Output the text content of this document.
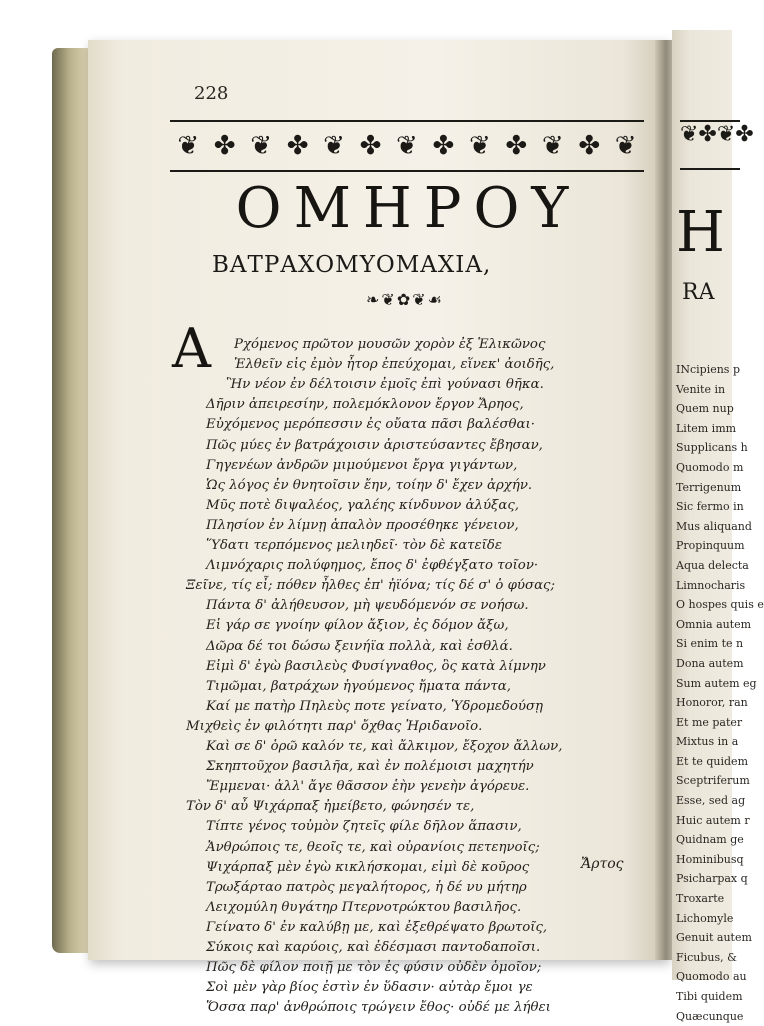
❦✤❦✤
H
RA
INcipiens p
Venite in
Quem nup
Litem imm
Supplicans h
Quomodo m
Terrigenum
Sic fermo in
Mus aliquand
Propinquum
Aqua delecta
Limnocharis
O hospes quis e
Omnia autem
Si enim te n
Dona autem
Sum autem eg
Honoror, ran
Et me pater
Mixtus in a
Et te quidem
Sceptriferum
Esse, sed ag
Huic autem r
Quidnam ge
Hominibusq
Psicharpax q
Troxarte
Lichomyle
Genuit autem
Ficubus, &
Quomodo au
Tibi quidem
Quæcunque
228
❦ ✤ ❦ ✤ ❦ ✤ ❦ ✤ ❦ ✤ ❦ ✤ ❦
ΟΜΗΡΟΥ
ΒΑΤΡΑΧΟΜΥΟΜΑΧΙΑ,
❧❦✿❦☙
Α Ρχόμενος πρῶτον μουσῶν χορὸν ἐξ Ἑλικῶνος
Ἐλθεῖν εἰς ἐμὸν ἦτορ ἐπεύχομαι, εἵνεκ' ἀοιδῆς,
Ἣν νέον ἐν δέλτοισιν ἐμοῖς ἐπὶ γούνασι θῆκα.
Δῆριν ἀπειρεσίην, πολεμόκλονον ἔργον Ἄρηος,
Εὐχόμενος μερόπεσσιν ἐς οὔατα πᾶσι βαλέσθαι·
Πῶς μύες ἐν βατράχοισιν ἀριστεύσαντες ἔβησαν,
Γηγενέων ἀνδρῶν μιμούμενοι ἔργα γιγάντων,
Ὡς λόγος ἐν θνητοῖσιν ἔην, τοίην δ' ἔχεν ἀρχήν.
Μῦς ποτὲ διψαλέος, γαλέης κίνδυνον ἀλύξας,
Πλησίον ἐν λίμνῃ ἁπαλὸν προσέθηκε γένειον,
Ὕδατι τερπόμενος μελιηδεῖ· τὸν δὲ κατεῖδε
Λιμνόχαρις πολύφημος, ἔπος δ' ἐφθέγξατο τοῖον·
Ξεῖνε, τίς εἶ; πόθεν ἦλθες ἐπ' ἠϊόνα; τίς δέ σ' ὁ φύσας;
Πάντα δ' ἀλήθευσον, μὴ ψευδόμενόν σε νοήσω.
Εἰ γάρ σε γνοίην φίλον ἄξιον, ἐς δόμον ἄξω,
Δῶρα δέ τοι δώσω ξεινήϊα πολλὰ, καὶ ἐσθλά.
Εἰμὶ δ' ἐγὼ βασιλεὺς Φυσίγναθος, ὃς κατὰ λίμνην
Τιμῶμαι, βατράχων ἡγούμενος ἤματα πάντα,
Καί με πατὴρ Πηλεὺς ποτε γείνατο, Ὑδρομεδούσῃ
Μιχθεὶς ἐν φιλότητι παρ' ὄχθας Ἠριδανοῖο.
Καὶ σε δ' ὁρῶ καλόν τε, καὶ ἄλκιμον, ἔξοχον ἄλλων,
Σκηπτοῦχον βασιλῆα, καὶ ἐν πολέμοισι μαχητήν
Ἔμμεναι· ἀλλ' ἄγε θᾶσσον ἑὴν γενεὴν ἀγόρευε.
Τὸν δ' αὖ Ψιχάρπαξ ἠμείβετο, φώνησέν τε,
Τίπτε γένος τοὐμὸν ζητεῖς φίλε δῆλον ἅπασιν,
Ἀνθρώποις τε, θεοῖς τε, καὶ οὐρανίοις πετεηνοῖς;
Ψιχάρπαξ μὲν ἐγὼ κικλήσκομαι, εἰμὶ δὲ κοῦρος
Τρωξάρταο πατρὸς μεγαλήτορος, ἡ δέ νυ μήτηρ
Λειχομύλη θυγάτηρ Πτερνοτρώκτου βασιλῆος.
Γείνατο δ' ἐν καλύβῃ με, καὶ ἐξεθρέψατο βρωτοῖς,
Σύκοις καὶ καρύοις, καὶ ἐδέσμασι παντοδαποῖσι.
Πῶς δὲ φίλον ποιῇ με τὸν ἐς φύσιν οὐδὲν ὁμοῖον;
Σοὶ μὲν γὰρ βίος ἐστὶν ἐν ὕδασιν· αὐτὰρ ἔμοι γε
Ὅσσα παρ' ἀνθρώποις τρώγειν ἔθος· οὐδέ με λήθει
Ἄρτος
